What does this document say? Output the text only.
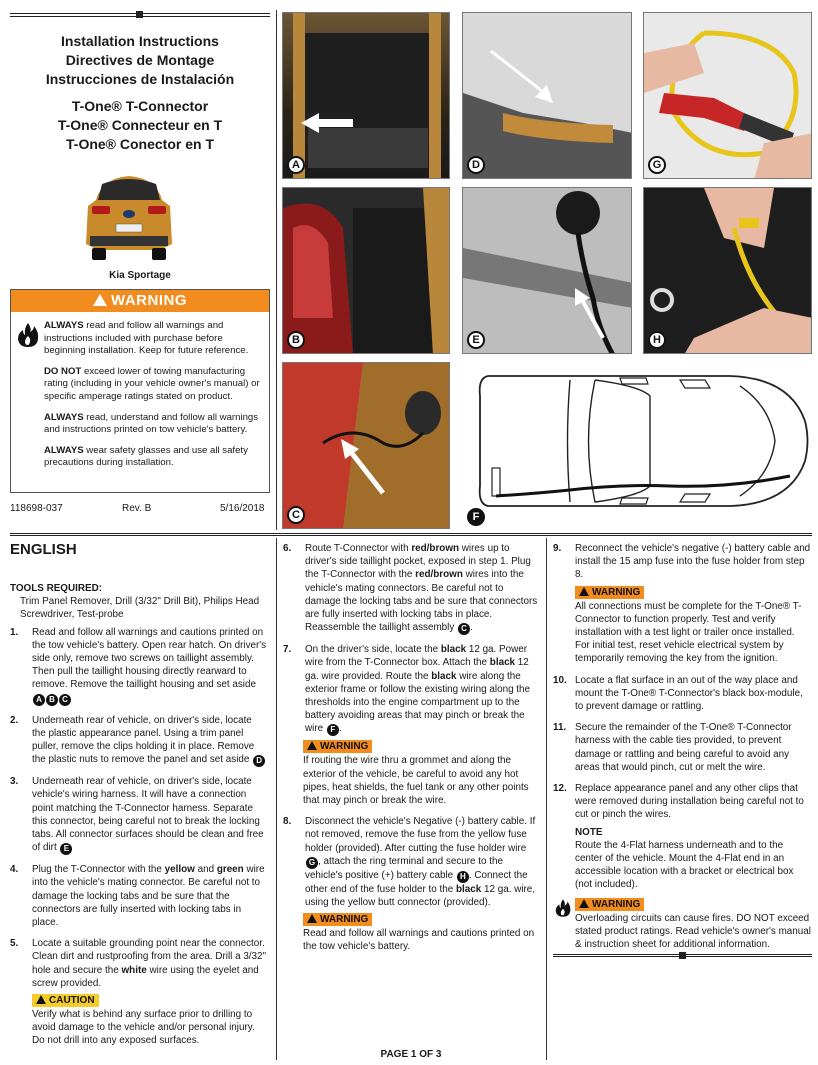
Installation Instructions
Directives de Montage
Instrucciones de Instalación
T-One® T-Connector
T-One® Connecteur en T
T-One® Conector en T
Kia Sportage
WARNING

ALWAYS read and follow all warnings and instructions included with purchase before beginning installation. Keep for future reference.

DO NOT exceed lower of towing manufacturing rating (including in your vehicle owner's manual) or specific amperage ratings stated on product.

ALWAYS read, understand and follow all warnings and instructions printed on tow vehicle's battery.

ALWAYS wear safety glasses and use all safety precautions during installation.

118698-037	Rev. B	5/16/2018
A	D	G
B	E	H
C	F
ENGLISH
TOOLS REQUIRED:
Trim Panel Remover, Drill (3/32" Drill Bit), Philips Head Screwdriver, Test-probe
1. Read and follow all warnings and cautions printed on the tow vehicle's battery. Open rear hatch. On driver's side only, remove two screws on taillight assembly. Then pull the taillight housing directly rearward to remove. Remove the taillight housing and set aside A B C
2. Underneath rear of vehicle, on driver's side, locate the plastic appearance panel. Using a trim panel puller, remove the clips holding it in place. Remove the plastic nuts to remove the panel and set aside D
3. Underneath rear of vehicle, on driver's side, locate vehicle's wiring harness. It will have a connection point matching the T-Connector harness. Separate this connector, being careful not to break the locking tabs. All connector surfaces should be clean and free of dirt E
4. Plug the T-Connector with the yellow and green wire into the vehicle's mating connector. Be careful not to damage the locking tabs and be sure that the connectors are fully inserted with locking tabs in place.
5. Locate a suitable grounding point near the connector. Clean dirt and rustproofing from the area. Drill a 3/32" hole and secure the white wire using the eyelet and screw provided.
CAUTION
Verify what is behind any surface prior to drilling to avoid damage to the vehicle and/or personal injury. Do not drill into any exposed surfaces.
6. Route T-Connector with red/brown wires up to driver's side taillight pocket, exposed in step 1. Plug the T-Connector with the red/brown wires into the vehicle's mating connectors. Be careful not to damage the locking tabs and be sure that connectors are fully inserted with locking tabs in place. Reassemble the taillight assembly C .
7. On the driver's side, locate the black 12 ga. Power wire from the T-Connector box. Attach the black 12 ga. wire provided. Route the black wire along the exterior frame or follow the existing wiring along the thresholds into the engine compartment up to the battery avoiding areas that may pinch or break the wire F .
WARNING
If routing the wire thru a grommet and along the exterior of the vehicle, be careful to avoid any hot pipes, heat shields, the fuel tank or any other points that may pinch or break the wire.
8. Disconnect the vehicle's Negative (-) battery cable. If not removed, remove the fuse from the yellow fuse holder (provided). After cutting the fuse holder wire G , attach the ring terminal and secure to the vehicle's positive (+) battery cable H . Connect the other end of the fuse holder to the black 12 ga. wire, using the yellow butt connector (provided).
WARNING
Read and follow all warnings and cautions printed on the tow vehicle's battery.
9. Reconnect the vehicle's negative (-) battery cable and install the 15 amp fuse into the fuse holder from step 8.
WARNING
All connections must be complete for the T-One® T-Connector to function properly. Test and verify installation with a test light or trailer once installed. For initial test, reset vehicle electrical system by temporarily removing the key from the ignition.
10. Locate a flat surface in an out of the way place and mount the T-One® T-Connector's black box-module, to prevent damage or rattling.
11. Secure the remainder of the T-One® T-Connector harness with the cable ties provided, to prevent damage or rattling and being careful to avoid any areas that would pinch, cut or melt the wire.
12. Replace appearance panel and any other clips that were removed during installation being careful not to cut or pinch the wires.
NOTE
Route the 4-Flat harness underneath and to the center of the vehicle. Mount the 4-Flat end in an accessible location with a bracket or electrical box (not included).
WARNING
Overloading circuits can cause fires. DO NOT exceed stated product ratings. Read vehicle's owner's manual & instruction sheet for additional information.
PAGE 1 OF 3
